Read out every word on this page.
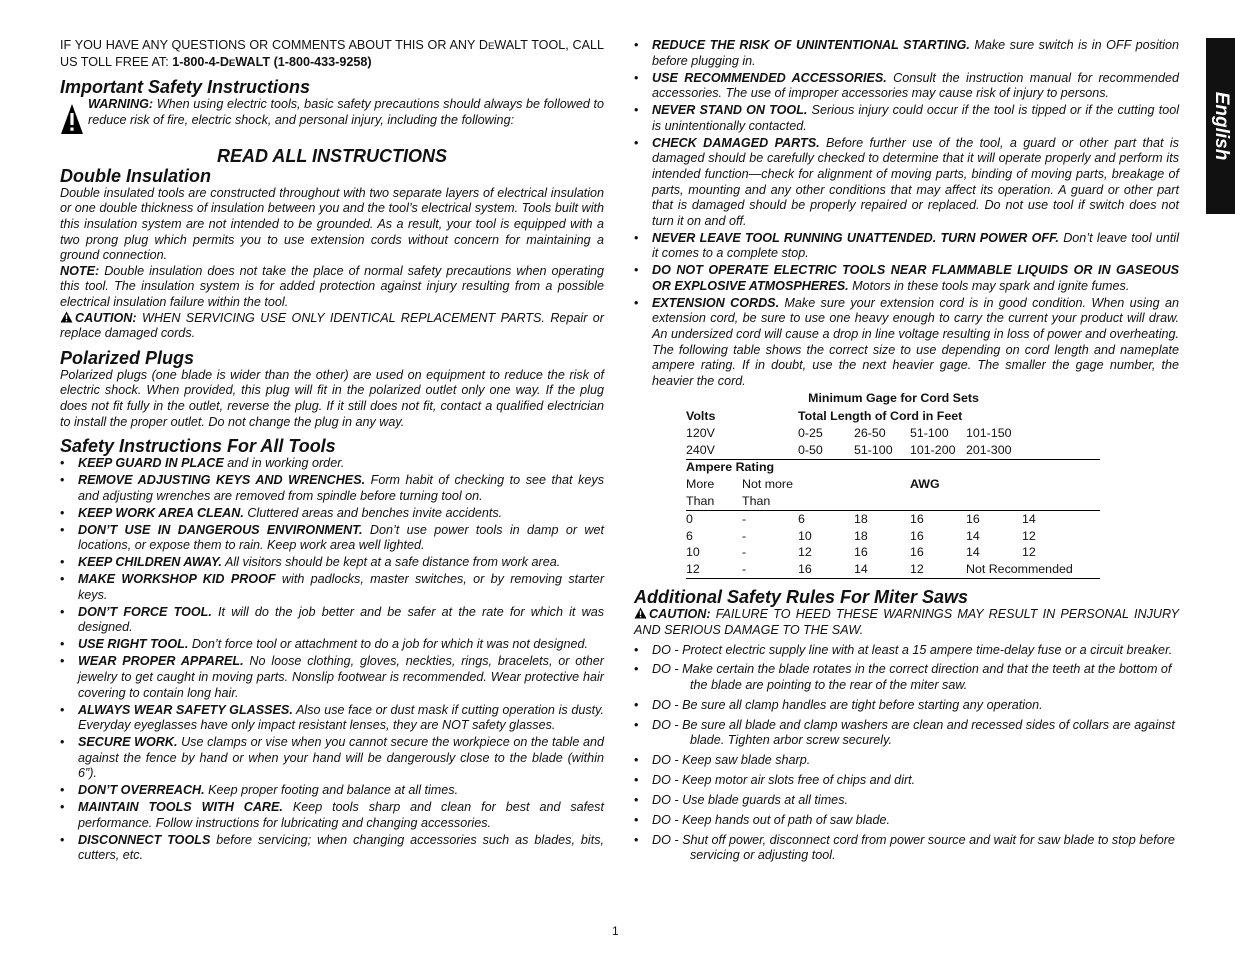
IF YOU HAVE ANY QUESTIONS OR COMMENTS ABOUT THIS OR ANY DEWALT TOOL, CALL US TOLL FREE AT: 1-800-4-DEWALT (1-800-433-9258)

Important Safety Instructions

WARNING: When using electric tools, basic safety precautions should always be followed to reduce risk of fire, electric shock, and personal injury, including the following:

READ ALL INSTRUCTIONS
Double Insulation

Double insulated tools are constructed throughout with two separate layers of electrical insulation or one double thickness of insulation between you and the tool’s electrical system. Tools built with this insulation system are not intended to be grounded. As a result, your tool is equipped with a two prong plug which permits you to use extension cords without concern for maintaining a ground connection.

NOTE: Double insulation does not take the place of normal safety precautions when operating this tool. The insulation system is for added protection against injury resulting from a possible electrical insulation failure within the tool.

CAUTION: WHEN SERVICING USE ONLY IDENTICAL REPLACEMENT PARTS. Repair or replace damaged cords.

Polarized Plugs

Polarized plugs (one blade is wider than the other) are used on equipment to reduce the risk of electric shock. When provided, this plug will fit in the polarized outlet only one way. If the plug does not fit fully in the outlet, reverse the plug. If it still does not fit, contact a qualified electrician to install the proper outlet. Do not change the plug in any way.

Safety Instructions For All Tools
• KEEP GUARD IN PLACE and in working order.
• REMOVE ADJUSTING KEYS AND WRENCHES. Form habit of checking to see that keys and adjusting wrenches are removed from spindle before turning tool on.
• KEEP WORK AREA CLEAN. Cluttered areas and benches invite accidents.
• DON’T USE IN DANGEROUS ENVIRONMENT. Don’t use power tools in damp or wet locations, or expose them to rain. Keep work area well lighted.
• KEEP CHILDREN AWAY. All visitors should be kept at a safe distance from work area.
• MAKE WORKSHOP KID PROOF with padlocks, master switches, or by removing starter keys.
• DON’T FORCE TOOL. It will do the job better and be safer at the rate for which it was designed.
• USE RIGHT TOOL. Don’t force tool or attachment to do a job for which it was not designed.
• WEAR PROPER APPAREL. No loose clothing, gloves, neckties, rings, bracelets, or other jewelry to get caught in moving parts. Nonslip footwear is recommended. Wear protective hair covering to contain long hair.
• ALWAYS WEAR SAFETY GLASSES. Also use face or dust mask if cutting operation is dusty. Everyday eyeglasses have only impact resistant lenses, they are NOT safety glasses.
• SECURE WORK. Use clamps or vise when you cannot secure the workpiece on the table and against the fence by hand or when your hand will be dangerously close to the blade (within 6”).
• DON’T OVERREACH. Keep proper footing and balance at all times.
• MAINTAIN TOOLS WITH CARE. Keep tools sharp and clean for best and safest performance. Follow instructions for lubricating and changing accessories.
• DISCONNECT TOOLS before servicing; when changing accessories such as blades, bits, cutters, etc.
• REDUCE THE RISK OF UNINTENTIONAL STARTING. Make sure switch is in OFF position before plugging in.
• USE RECOMMENDED ACCESSORIES. Consult the instruction manual for recommended accessories. The use of improper accessories may cause risk of injury to persons.
• NEVER STAND ON TOOL. Serious injury could occur if the tool is tipped or if the cutting tool is unintentionally contacted.
• CHECK DAMAGED PARTS. Before further use of the tool, a guard or other part that is damaged should be carefully checked to determine that it will operate properly and perform its intended function—check for alignment of moving parts, binding of moving parts, breakage of parts, mounting and any other conditions that may affect its operation. A guard or other part that is damaged should be properly repaired or replaced. Do not use tool if switch does not turn it on and off.
• NEVER LEAVE TOOL RUNNING UNATTENDED. TURN POWER OFF. Don’t leave tool until it comes to a complete stop.
• DO NOT OPERATE ELECTRIC TOOLS NEAR FLAMMABLE LIQUIDS OR IN GASEOUS OR EXPLOSIVE ATMOSPHERES. Motors in these tools may spark and ignite fumes.
• EXTENSION CORDS. Make sure your extension cord is in good condition. When using an extension cord, be sure to use one heavy enough to carry the current your product will draw. An undersized cord will cause a drop in line voltage resulting in loss of power and overheating. The following table shows the correct size to use depending on cord length and nameplate ampere rating. If in doubt, use the next heavier gage. The smaller the gage number, the heavier the cord.
Minimum Gage for Cord Sets
Volts		Total Length of Cord in Feet				
120V		0-25	26-50	51-100	101-150	
240V		0-50	51-100	101-200	201-300	
Ampere Rating						
More	Not more			AWG		
Than	Than					
0	-	6	18	16	16	14
6	-	10	18	16	14	12
10	-	12	16	16	14	12
12	-	16	14	12	Not Recommended	
Additional Safety Rules For Miter Saws

CAUTION: FAILURE TO HEED THESE WARNINGS MAY RESULT IN PERSONAL INJURY AND SERIOUS DAMAGE TO THE SAW.

• DO - Protect electric supply line with at least a 15 ampere time-delay fuse or a circuit breaker.
• DO - Make certain the blade rotates in the correct direction and that the teeth at the bottom of the blade are pointing to the rear of the miter saw.
• DO - Be sure all clamp handles are tight before starting any operation.
• DO - Be sure all blade and clamp washers are clean and recessed sides of collars are against blade. Tighten arbor screw securely.
• DO - Keep saw blade sharp.
• DO - Keep motor air slots free of chips and dirt.
• DO - Use blade guards at all times.
• DO - Keep hands out of path of saw blade.
• DO - Shut off power, disconnect cord from power source and wait for saw blade to stop before servicing or adjusting tool.
English
1
